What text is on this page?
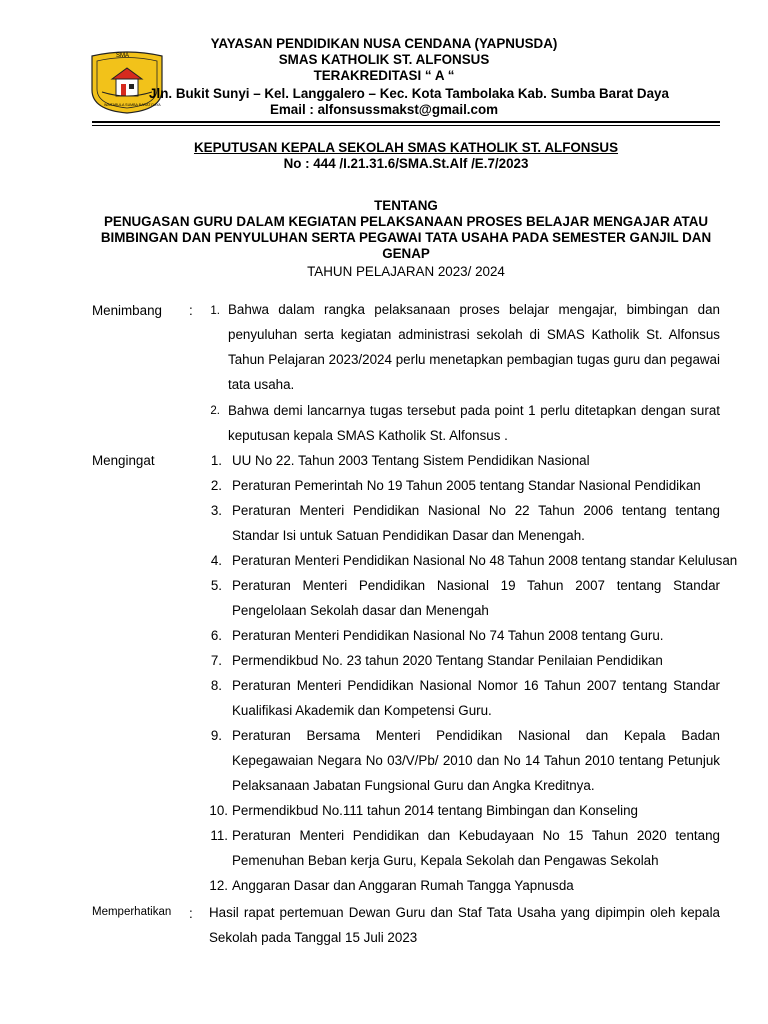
SMA
WAITABULA SUMBA BARAT DAYA
YAYASAN PENDIDIKAN NUSA CENDANA (YAPNUSDA)
SMAS KATHOLIK ST. ALFONSUS
TERAKREDITASI “ A “
Jln. Bukit Sunyi – Kel. Langgalero – Kec. Kota Tambolaka Kab. Sumba Barat Daya
Email : alfonsussmakst@gmail.com
KEPUTUSAN KEPALA SEKOLAH SMAS KATHOLIK ST. ALFONSUS
No : 444 /I.21.31.6/SMA.St.Alf /E.7/2023
TENTANG
PENUGASAN GURU DALAM KEGIATAN PELAKSANAAN PROSES BELAJAR MENGAJAR ATAU
BIMBINGAN DAN PENYULUHAN SERTA PEGAWAI TATA USAHA PADA SEMESTER GANJIL DAN
GENAP
TAHUN PELAJARAN 2023/ 2024
Menimbang :	1. Bahwa dalam rangka pelaksanaan proses belajar mengajar, bimbingan dan penyuluhan serta kegiatan administrasi sekolah di SMAS Katholik St. Alfonsus Tahun Pelajaran 2023/2024 perlu menetapkan pembagian tugas guru dan pegawai tata usaha.
2. Bahwa demi lancarnya tugas tersebut pada point 1 perlu ditetapkan dengan surat keputusan kepala SMAS Katholik St. Alfonsus .
Mengingat	1. UU No 22. Tahun 2003 Tentang Sistem Pendidikan Nasional
2. Peraturan Pemerintah No 19 Tahun 2005 tentang Standar Nasional Pendidikan
3. Peraturan Menteri Pendidikan Nasional No 22 Tahun 2006 tentang tentang Standar Isi untuk Satuan Pendidikan Dasar dan Menengah.
4. Peraturan Menteri Pendidikan Nasional No 48 Tahun 2008 tentang standar Kelulusan
5. Peraturan Menteri Pendidikan Nasional 19 Tahun 2007 tentang Standar Pengelolaan Sekolah dasar dan Menengah
6. Peraturan Menteri Pendidikan Nasional No 74 Tahun 2008 tentang Guru.
7. Permendikbud No. 23 tahun 2020 Tentang Standar Penilaian Pendidikan
8. Peraturan Menteri Pendidikan Nasional Nomor 16 Tahun 2007 tentang Standar Kualifikasi Akademik dan Kompetensi Guru.
9. Peraturan Bersama Menteri Pendidikan Nasional dan Kepala Badan Kepegawaian Negara No 03/V/Pb/ 2010 dan No 14 Tahun 2010 tentang Petunjuk Pelaksanaan Jabatan Fungsional Guru dan Angka Kreditnya.
10. Permendikbud No.111 tahun 2014 tentang Bimbingan dan Konseling
11. Peraturan Menteri Pendidikan dan Kebudayaan No 15 Tahun 2020 tentang Pemenuhan Beban kerja Guru, Kepala Sekolah dan Pengawas Sekolah
12. Anggaran Dasar dan Anggaran Rumah Tangga Yapnusda
Memperhatikan : Hasil rapat pertemuan Dewan Guru dan Staf Tata Usaha yang dipimpin oleh kepala Sekolah pada Tanggal 15 Juli 2023
